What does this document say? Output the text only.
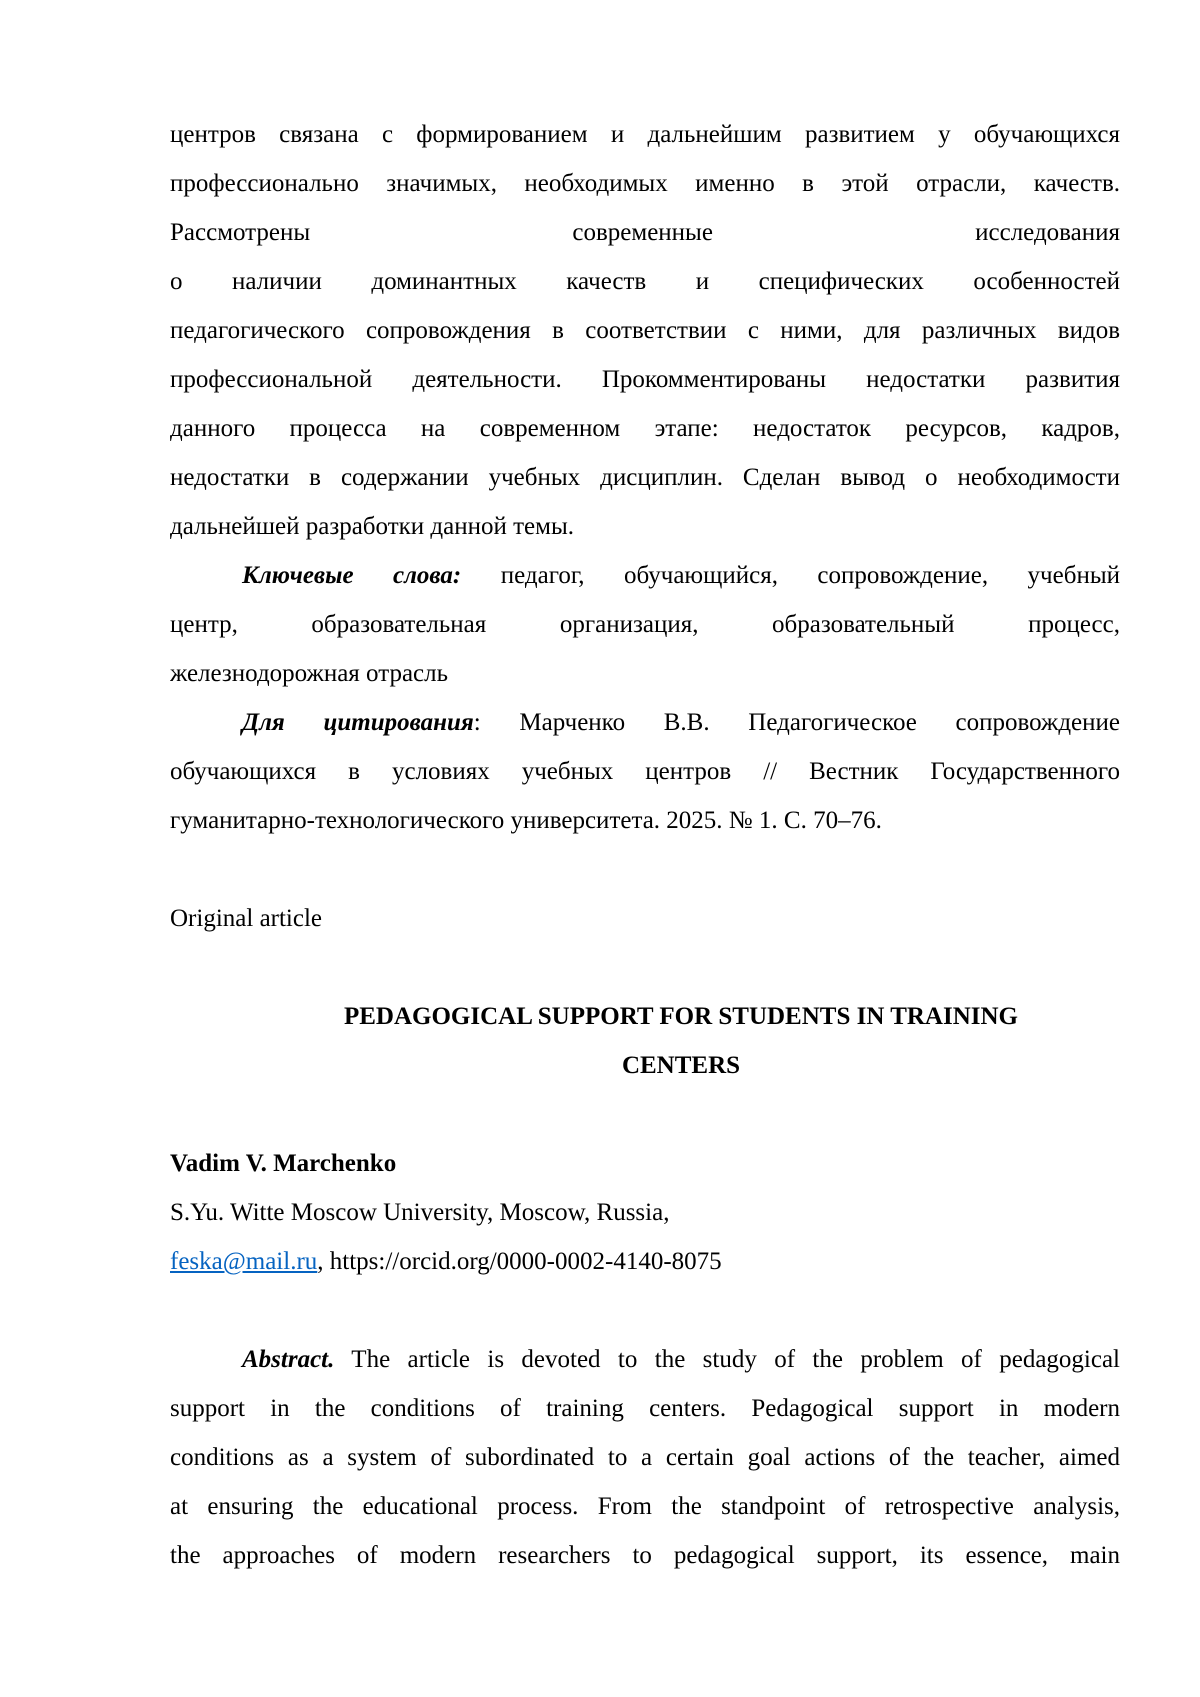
центров связана с формированием и дальнейшим развитием у обучающихся
профессионально значимых, необходимых именно в этой отрасли, качеств.
Рассмотрены современные исследования
о наличии доминантных качеств и специфических особенностей
педагогического сопровождения в соответствии с ними, для различных видов
профессиональной деятельности. Прокомментированы недостатки развития
данного процесса на современном этапе: недостаток ресурсов, кадров,
недостатки в содержании учебных дисциплин. Сделан вывод о необходимости
дальнейшей разработки данной темы.
Ключевые слова: педагог, обучающийся, сопровождение, учебный
центр, образовательная организация, образовательный процесс,
железнодорожная отрасль
Для цитирования: Марченко В.В. Педагогическое сопровождение
обучающихся в условиях учебных центров // Вестник Государственного
гуманитарно-технологического университета. 2025. № 1. С. 70–76.
Original article
PEDAGOGICAL SUPPORT FOR STUDENTS IN TRAINING
CENTERS
Vadim V. Marchenko
S.Yu. Witte Moscow University, Moscow, Russia,
feska@mail.ru, https://orcid.org/0000-0002-4140-8075
Abstract. The article is devoted to the study of the problem of pedagogical
support in the conditions of training centers. Pedagogical support in modern
conditions as a system of subordinated to a certain goal actions of the teacher, aimed
at ensuring the educational process. From the standpoint of retrospective analysis,
the approaches of modern researchers to pedagogical support, its essence, main
